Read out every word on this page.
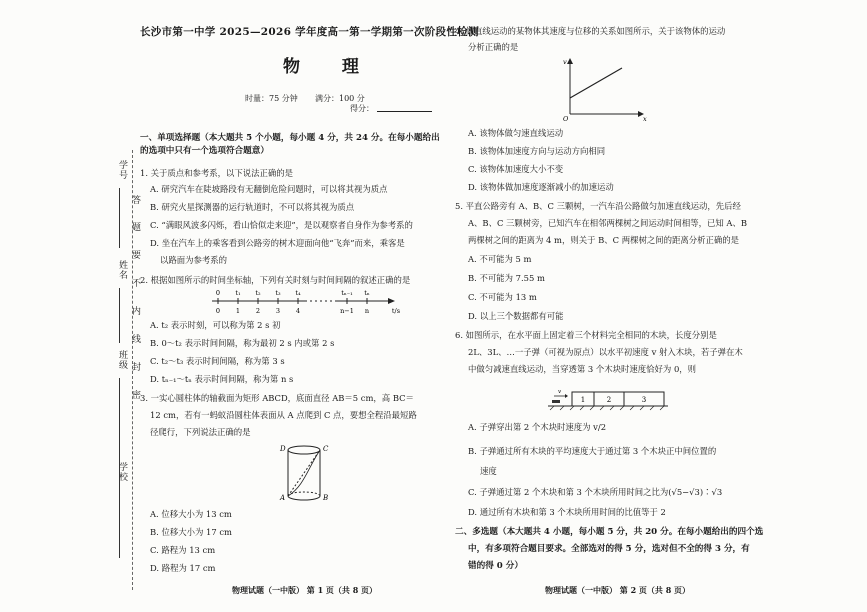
学号
姓名
班级
学校
答
题
要
不
内
线
封
密
长沙市第一中学 2025—2026 学年度高一第一学期第一次阶段性检测
物 理
时量：75 分钟 满分：100 分
得分：
一、单项选择题（本大题共 5 个小题，每小题 4 分，共 24 分。在每小题给出
的选项中只有一个选项符合题意）
1. 关于质点和参考系，以下说法正确的是
A. 研究汽车在陡坡路段有无翻倒危险问题时，可以将其视为质点
B. 研究火星探测器的运行轨道时，不可以将其视为质点
C. “满眼风波多闪烁，看山恰似走来迎”，是以观察者自身作为参考系的
D. 坐在汽车上的乘客看到公路旁的树木迎面向他“飞奔”而来，乘客是
以路面为参考系的
2. 根据如图所示的时间坐标轴，下列有关时刻与时间间隔的叙述正确的是
0 t₁ t₂ t₃ t₄	tₙ₋₁ tₙ
0 1 2 3 4	n−1 n	t/s
A. t₂ 表示时刻，可以称为第 2 s 初
B. 0～t₂ 表示时间间隔，称为最初 2 s 内或第 2 s
C. t₂～t₃ 表示时间间隔，称为第 3 s
D. tₙ₋₁～tₙ 表示时间间隔，称为第 n s
3. 一实心圆柱体的轴截面为矩形 ABCD，底面直径 AB＝5 cm，高 BC＝
12 cm，若有一蚂蚁沿圆柱体表面从 A 点爬到 C 点，要想全程沿最短路
径爬行，下列说法正确的是
D	C
A	B
A. 位移大小为 13 cm
B. 位移大小为 17 cm
C. 路程为 13 cm
D. 路程为 17 cm
物理试题（一中版） 第 1 页（共 8 页）
4. 做直线运动的某物体其速度与位移的关系如图所示，关于该物体的运动
分析正确的是
v
x
O
A. 该物体做匀速直线运动
B. 该物体加速度方向与运动方向相同
C. 该物体加速度大小不变
D. 该物体做加速度逐渐减小的加速运动
5. 平直公路旁有 A、B、C 三颗树，一汽车沿公路做匀加速直线运动，先后经
A、B、C 三颗树旁，已知汽车在相邻两棵树之间运动时间相等，已知 A、B
两棵树之间的距离为 4 m，则关于 B、C 两棵树之间的距离分析正确的是
A. 不可能为 5 m
B. 不可能为 7.55 m
C. 不可能为 13 m
D. 以上三个数据都有可能
6. 如图所示，在水平面上固定着三个材料完全相同的木块，长度分别是
2L、3L、…一子弹（可视为原点）以水平初速度 v 射入木块，若子弹在木
中做匀减速直线运动，当穿透第 3 个木块时速度恰好为 0，则
v
1	2	3
A. 子弹穿出第 2 个木块时速度为 v/2
B. 子弹通过所有木块的平均速度大于通过第 3 个木块正中间位置的
速度
C. 子弹通过第 2 个木块和第 3 个木块所用时间之比为(√5−√3)∶√3
D. 通过所有木块和第 3 个木块所用时间的比值等于 2
二、多选题（本大题共 4 小题，每小题 5 分，共 20 分。在每小题给出的四个选
中，有多项符合题目要求。全部选对的得 5 分，选对但不全的得 3 分，有
错的得 0 分）
物理试题（一中版） 第 2 页（共 8 页）
